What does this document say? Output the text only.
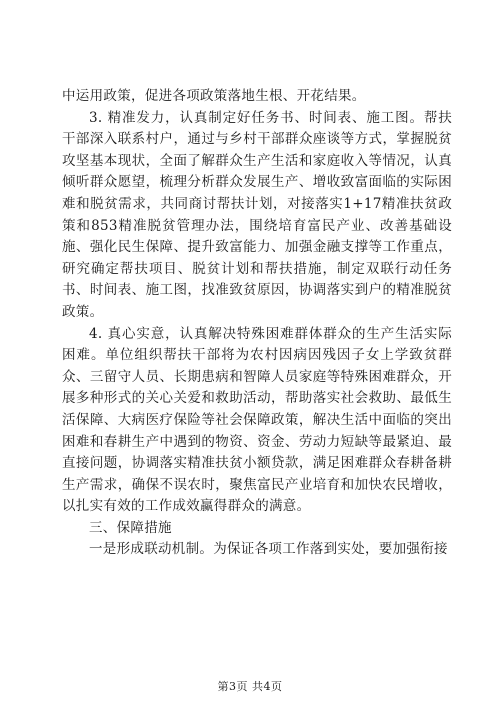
中运用政策，促进各项政策落地生根、开花结果。

3. 精准发力，认真制定好任务书、时间表、施工图。帮扶干部深入联系村户，通过与乡村干部群众座谈等方式，掌握脱贫攻坚基本现状，全面了解群众生产生活和家庭收入等情况，认真倾听群众愿望，梳理分析群众发展生产、增收致富面临的实际困难和脱贫需求，共同商讨帮扶计划，对接落实1+17精准扶贫政策和853精准脱贫管理办法，围绕培育富民产业、改善基础设施、强化民生保障、提升致富能力、加强金融支撑等工作重点，研究确定帮扶项目、脱贫计划和帮扶措施，制定双联行动任务书、时间表、施工图，找准致贫原因，协调落实到户的精准脱贫政策。

4. 真心实意，认真解决特殊困难群体群众的生产生活实际困难。单位组织帮扶干部将为农村因病因残因子女上学致贫群众、三留守人员、长期患病和智障人员家庭等特殊困难群众，开展多种形式的关心关爱和救助活动，帮助落实社会救助、最低生活保障、大病医疗保险等社会保障政策，解决生活中面临的突出困难和春耕生产中遇到的物资、资金、劳动力短缺等最紧迫、最直接问题，协调落实精准扶贫小额贷款，满足困难群众春耕备耕生产需求，确保不误农时，聚焦富民产业培育和加快农民增收，以扎实有效的工作成效赢得群众的满意。

三、保障措施

一是形成联动机制。为保证各项工作落到实处，要加强衔接

第3页 共4页
